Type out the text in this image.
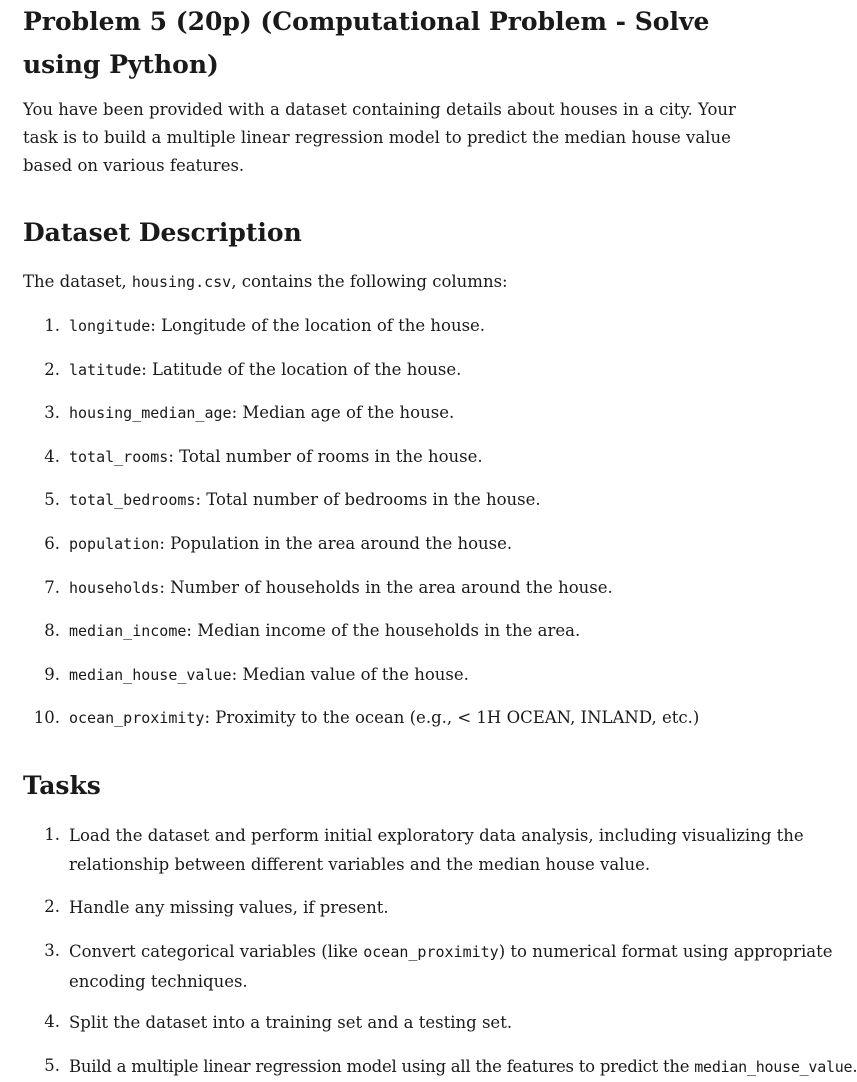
Problem 5 (20p) (Computational Problem - Solve using Python)

You have been provided with a dataset containing details about houses in a city. Your task is to build a multiple linear regression model to predict the median house value based on various features.

Dataset Description

The dataset, housing.csv, contains the following columns:

1. longitude: Longitude of the location of the house.
2. latitude: Latitude of the location of the house.
3. housing_median_age: Median age of the house.
4. total_rooms: Total number of rooms in the house.
5. total_bedrooms: Total number of bedrooms in the house.
6. population: Population in the area around the house.
7. households: Number of households in the area around the house.
8. median_income: Median income of the households in the area.
9. median_house_value: Median value of the house.
10. ocean_proximity: Proximity to the ocean (e.g., < 1H OCEAN, INLAND, etc.)
Tasks
1. Load the dataset and perform initial exploratory data analysis, including visualizing the relationship between different variables and the median house value.
2. Handle any missing values, if present.
3. Convert categorical variables (like ocean_proximity) to numerical format using appropriate encoding techniques.
4. Split the dataset into a training set and a testing set.
5. Build a multiple linear regression model using all the features to predict the median_house_value.
